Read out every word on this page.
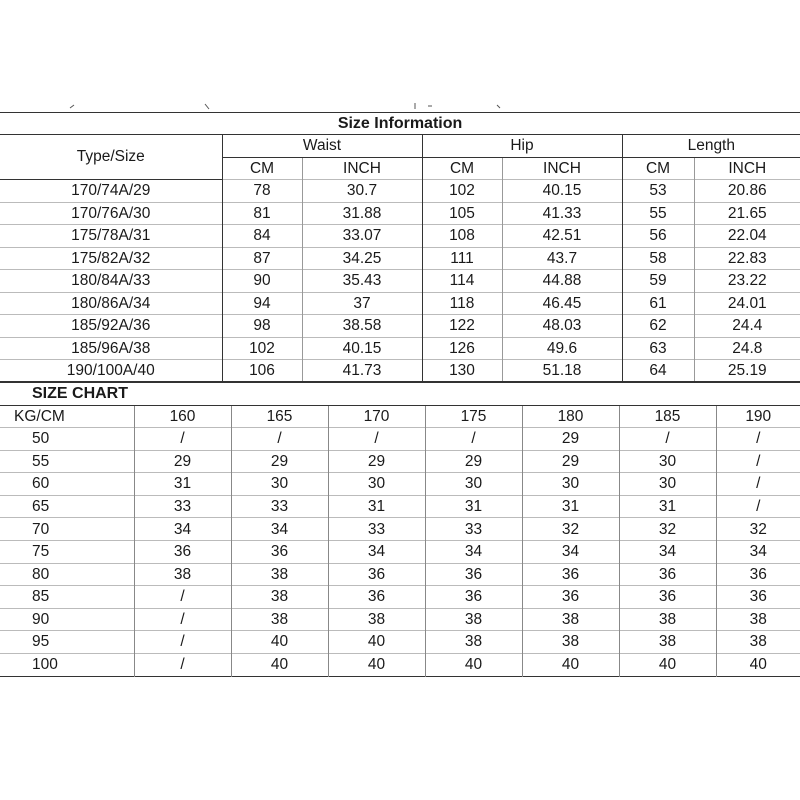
Size Information						
Type/Size	Waist		Hip		Length	
	CM	INCH	CM	INCH	CM	INCH
170/74A/29	78	30.7	102	40.15	53	20.86
170/76A/30	81	31.88	105	41.33	55	21.65
175/78A/31	84	33.07	108	42.51	56	22.04
175/82A/32	87	34.25	111	43.7	58	22.83
180/84A/33	90	35.43	114	44.88	59	23.22
180/86A/34	94	37	118	46.45	61	24.01
185/92A/36	98	38.58	122	48.03	62	24.4
185/96A/38	102	40.15	126	49.6	63	24.8
190/100A/40	106	41.73	130	51.18	64	25.19
SIZE CHART							
KG/CM	160	165	170	175	180	185	190
50	/	/	/	/	29	/	/
55	29	29	29	29	29	30	/
60	31	30	30	30	30	30	/
65	33	33	31	31	31	31	/
70	34	34	33	33	32	32	32
75	36	36	34	34	34	34	34
80	38	38	36	36	36	36	36
85	/	38	36	36	36	36	36
90	/	38	38	38	38	38	38
95	/	40	40	38	38	38	38
100	/	40	40	40	40	40	40
